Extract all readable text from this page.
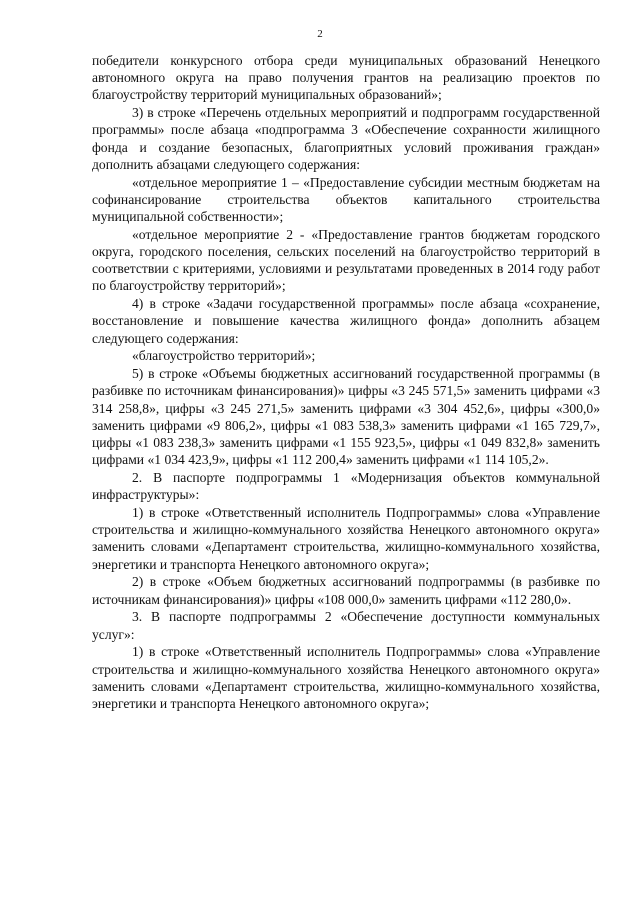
2

победители конкурсного отбора среди муниципальных образований Ненецкого автономного округа на право получения грантов на реализацию проектов по благоустройству территорий муниципальных образований»;

3) в строке «Перечень отдельных мероприятий и подпрограмм государственной программы» после абзаца «подпрограмма 3 «Обеспечение сохранности жилищного фонда и создание безопасных, благоприятных условий проживания граждан» дополнить абзацами следующего содержания:

«отдельное мероприятие 1 – «Предоставление субсидии местным бюджетам на софинансирование строительства объектов капитального строительства муниципальной собственности»;

«отдельное мероприятие 2 - «Предоставление грантов бюджетам городского округа, городского поселения, сельских поселений на благоустройство территорий в соответствии с критериями, условиями и результатами проведенных в 2014 году работ по благоустройству территорий»;

4) в строке «Задачи государственной программы» после абзаца «сохранение, восстановление и повышение качества жилищного фонда» дополнить абзацем следующего содержания:

«благоустройство территорий»;

5) в строке «Объемы бюджетных ассигнований государственной программы (в разбивке по источникам финансирования)» цифры «3 245 571,5» заменить цифрами «3 314 258,8», цифры «3 245 271,5» заменить цифрами «3 304 452,6», цифры «300,0» заменить цифрами «9 806,2», цифры «1 083 538,3» заменить цифрами «1 165 729,7», цифры «1 083 238,3» заменить цифрами «1 155 923,5», цифры «1 049 832,8» заменить цифрами «1 034 423,9», цифры «1 112 200,4» заменить цифрами «1 114 105,2».

2. В паспорте подпрограммы 1 «Модернизация объектов коммунальной инфраструктуры»:

1) в строке «Ответственный исполнитель Подпрограммы» слова «Управление строительства и жилищно-коммунального хозяйства Ненецкого автономного округа» заменить словами «Департамент строительства, жилищно-коммунального хозяйства, энергетики и транспорта Ненецкого автономного округа»;

2) в строке «Объем бюджетных ассигнований подпрограммы (в разбивке по источникам финансирования)» цифры «108 000,0» заменить цифрами «112 280,0».

3. В паспорте подпрограммы 2 «Обеспечение доступности коммунальных услуг»:

1) в строке «Ответственный исполнитель Подпрограммы» слова «Управление строительства и жилищно-коммунального хозяйства Ненецкого автономного округа» заменить словами «Департамент строительства, жилищно-коммунального хозяйства, энергетики и транспорта Ненецкого автономного округа»;
